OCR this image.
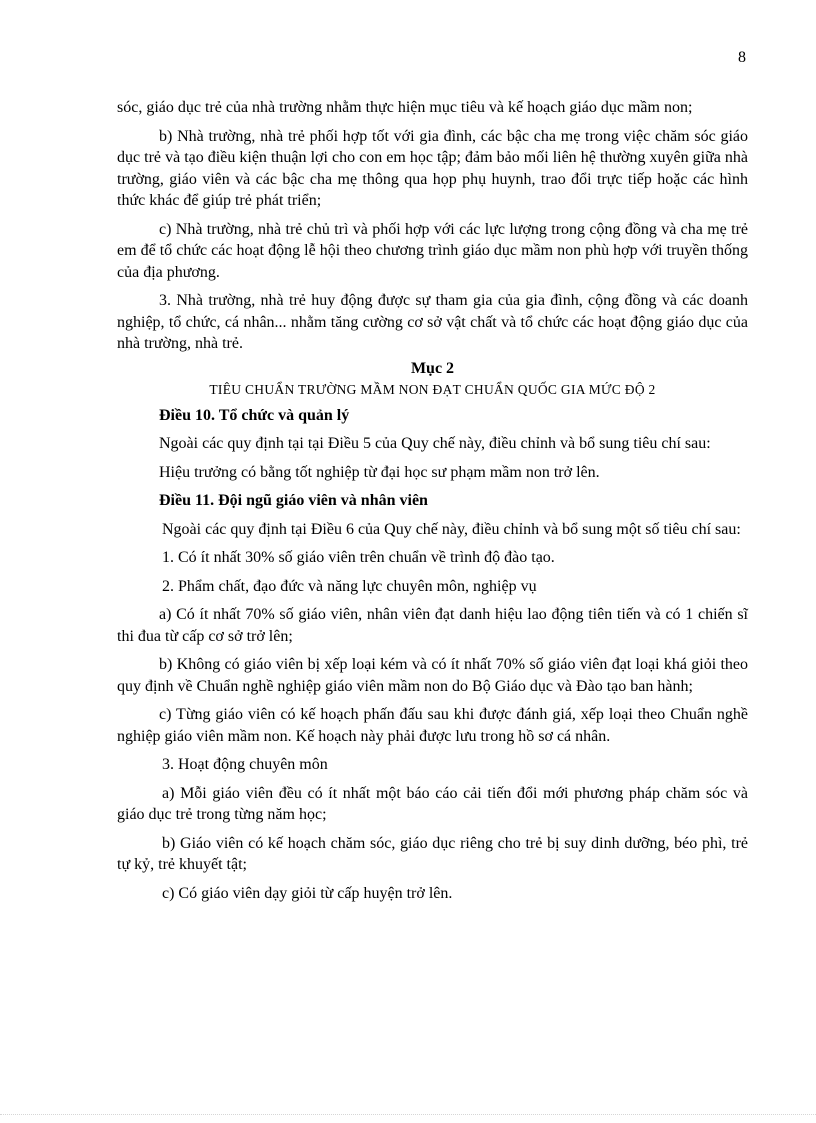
8

sóc, giáo dục trẻ của nhà trường nhằm thực hiện mục tiêu và kế hoạch giáo dục mầm non;

b) Nhà trường, nhà trẻ phối hợp tốt với gia đình, các bậc cha mẹ trong việc chăm sóc giáo dục trẻ và tạo điều kiện thuận lợi cho con em học tập; đảm bảo mối liên hệ thường xuyên giữa nhà trường, giáo viên và các bậc cha mẹ thông qua họp phụ huynh, trao đổi trực tiếp hoặc các hình thức khác để giúp trẻ phát triển;

c) Nhà trường, nhà trẻ chủ trì và phối hợp với các lực lượng trong cộng đồng và cha mẹ trẻ em để tổ chức các hoạt động lễ hội theo chương trình giáo dục mầm non phù hợp với truyền thống của địa phương.

3. Nhà trường, nhà trẻ huy động được sự tham gia của gia đình, cộng đồng và các doanh nghiệp, tổ chức, cá nhân... nhằm tăng cường cơ sở vật chất và tổ chức các hoạt động giáo dục của nhà trường, nhà trẻ.

Mục 2

TIÊU CHUẨN TRƯỜNG MẦM NON ĐẠT CHUẨN QUỐC GIA MỨC ĐỘ 2

Điều 10. Tổ chức và quản lý

Ngoài các quy định tại tại Điều 5 của Quy chế này, điều chỉnh và bổ sung tiêu chí sau:

Hiệu trưởng có bằng tốt nghiệp từ đại học sư phạm mầm non trở lên.

Điều 11. Đội ngũ giáo viên và nhân viên

Ngoài các quy định tại Điều 6 của Quy chế này, điều chỉnh và bổ sung một số tiêu chí sau:

1. Có ít nhất 30% số giáo viên trên chuẩn về trình độ đào tạo.

2. Phẩm chất, đạo đức và năng lực chuyên môn, nghiệp vụ

a) Có ít nhất 70% số giáo viên, nhân viên đạt danh hiệu lao động tiên tiến và có 1 chiến sĩ thi đua từ cấp cơ sở trở lên;

b) Không có giáo viên bị xếp loại kém và có ít nhất 70% số giáo viên đạt loại khá giỏi theo quy định về Chuẩn nghề nghiệp giáo viên mầm non do Bộ Giáo dục và Đào tạo ban hành;

c) Từng giáo viên có kế hoạch phấn đấu sau khi được đánh giá, xếp loại theo Chuẩn nghề nghiệp giáo viên mầm non. Kế hoạch này phải được lưu trong hồ sơ cá nhân.

3. Hoạt động chuyên môn

a) Mỗi giáo viên đều có ít nhất một báo cáo cải tiến đổi mới phương pháp chăm sóc và giáo dục trẻ trong từng năm học;

b) Giáo viên có kế hoạch chăm sóc, giáo dục riêng cho trẻ bị suy dinh dưỡng, béo phì, trẻ tự kỷ, trẻ khuyết tật;

c) Có giáo viên dạy giỏi từ cấp huyện trở lên.
